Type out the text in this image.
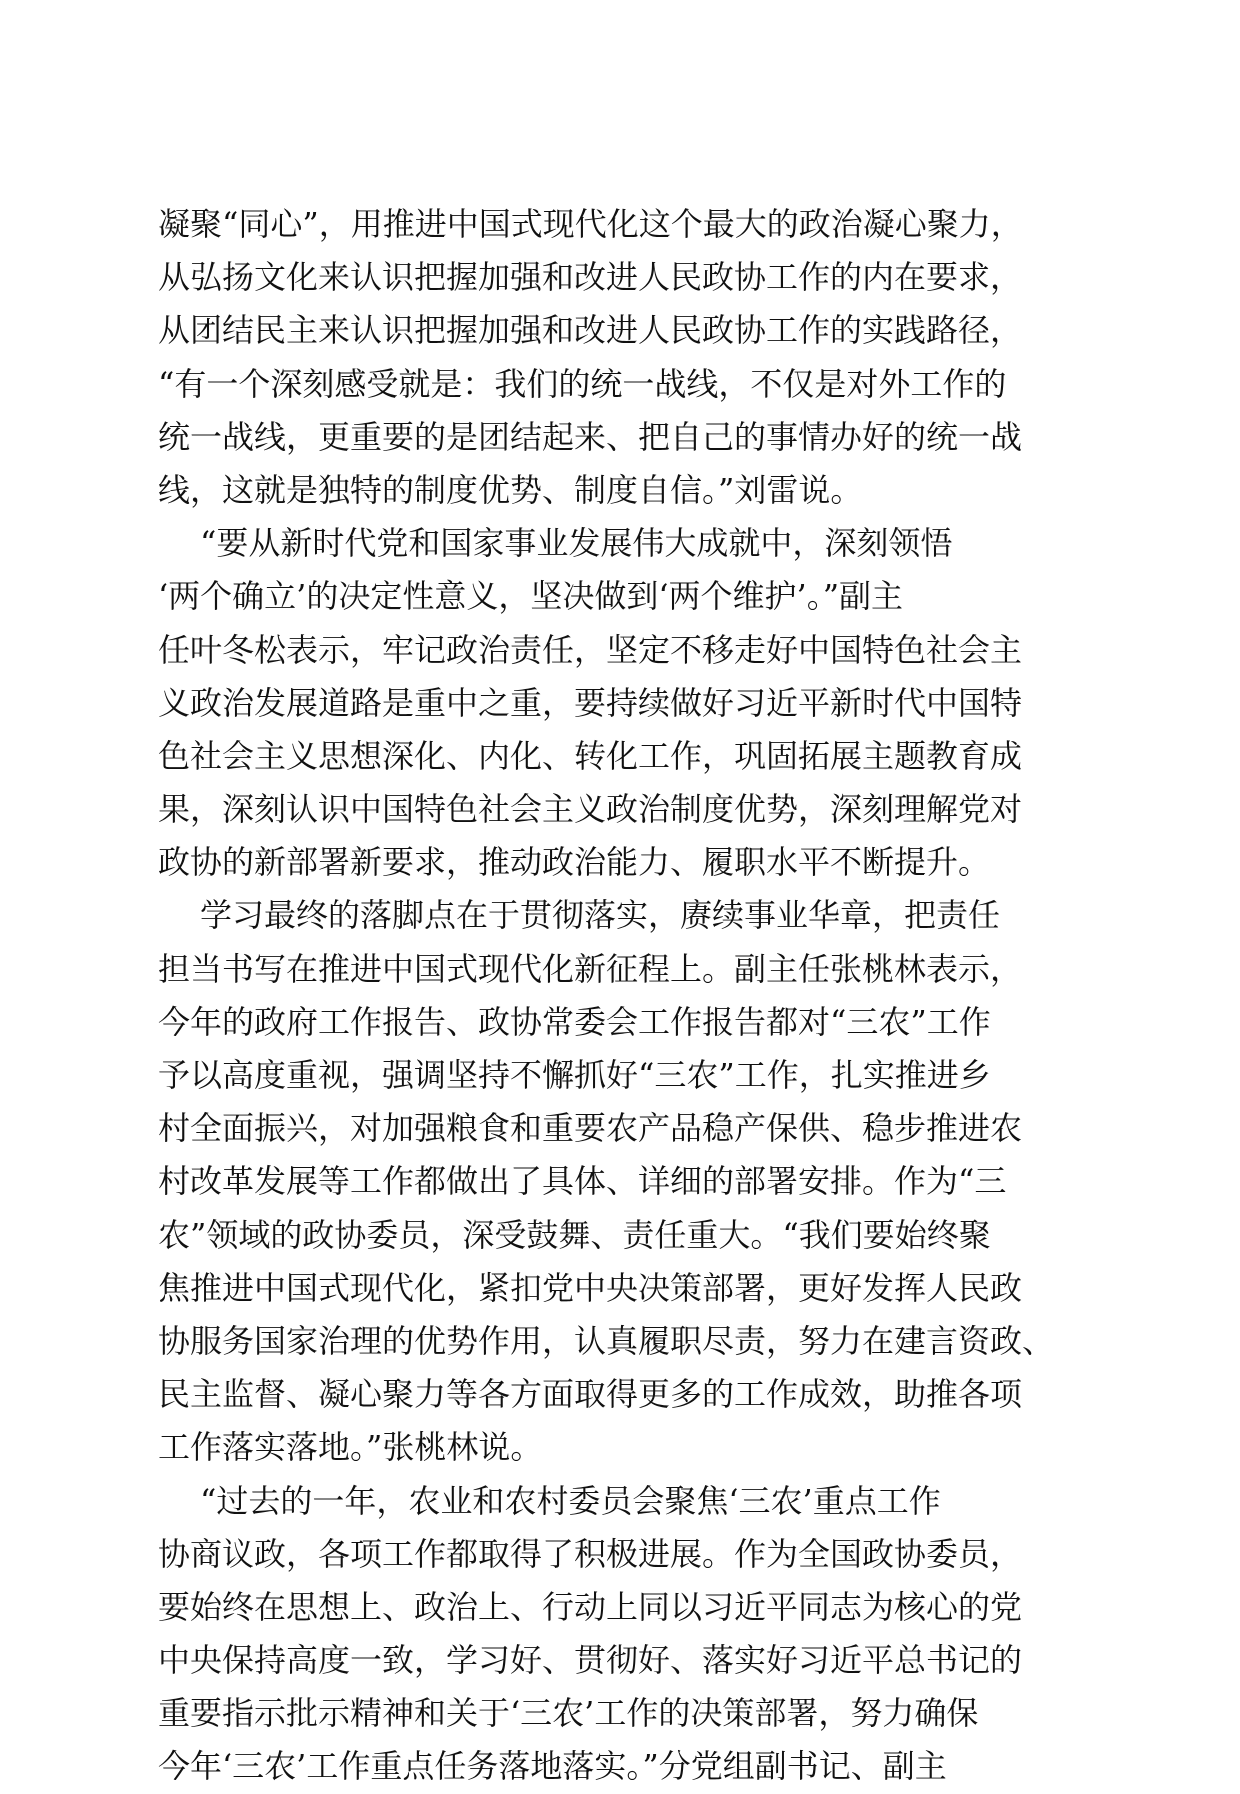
凝聚“同心”，用推进中国式现代化这个最大的政治凝心聚力，
从弘扬文化来认识把握加强和改进人民政协工作的内在要求，
从团结民主来认识把握加强和改进人民政协工作的实践路径，
“有一个深刻感受就是：我们的统一战线，不仅是对外工作的
统一战线，更重要的是团结起来、把自己的事情办好的统一战
线，这就是独特的制度优势、制度自信。”刘雷说。
“要从新时代党和国家事业发展伟大成就中，深刻领悟
‘两个确立’的决定性意义，坚决做到‘两个维护’。”副主
任叶冬松表示，牢记政治责任，坚定不移走好中国特色社会主
义政治发展道路是重中之重，要持续做好习近平新时代中国特
色社会主义思想深化、内化、转化工作，巩固拓展主题教育成
果，深刻认识中国特色社会主义政治制度优势，深刻理解党对
政协的新部署新要求，推动政治能力、履职水平不断提升。
学习最终的落脚点在于贯彻落实，赓续事业华章，把责任
担当书写在推进中国式现代化新征程上。副主任张桃林表示，
今年的政府工作报告、政协常委会工作报告都对“三农”工作
予以高度重视，强调坚持不懈抓好“三农”工作，扎实推进乡
村全面振兴，对加强粮食和重要农产品稳产保供、稳步推进农
村改革发展等工作都做出了具体、详细的部署安排。作为“三
农”领域的政协委员，深受鼓舞、责任重大。“我们要始终聚
焦推进中国式现代化，紧扣党中央决策部署，更好发挥人民政
协服务国家治理的优势作用，认真履职尽责，努力在建言资政、
民主监督、凝心聚力等各方面取得更多的工作成效，助推各项
工作落实落地。”张桃林说。
“过去的一年，农业和农村委员会聚焦‘三农’重点工作
协商议政，各项工作都取得了积极进展。作为全国政协委员，
要始终在思想上、政治上、行动上同以习近平同志为核心的党
中央保持高度一致，学习好、贯彻好、落实好习近平总书记的
重要指示批示精神和关于‘三农’工作的决策部署，努力确保
今年‘三农’工作重点任务落地落实。”分党组副书记、副主
